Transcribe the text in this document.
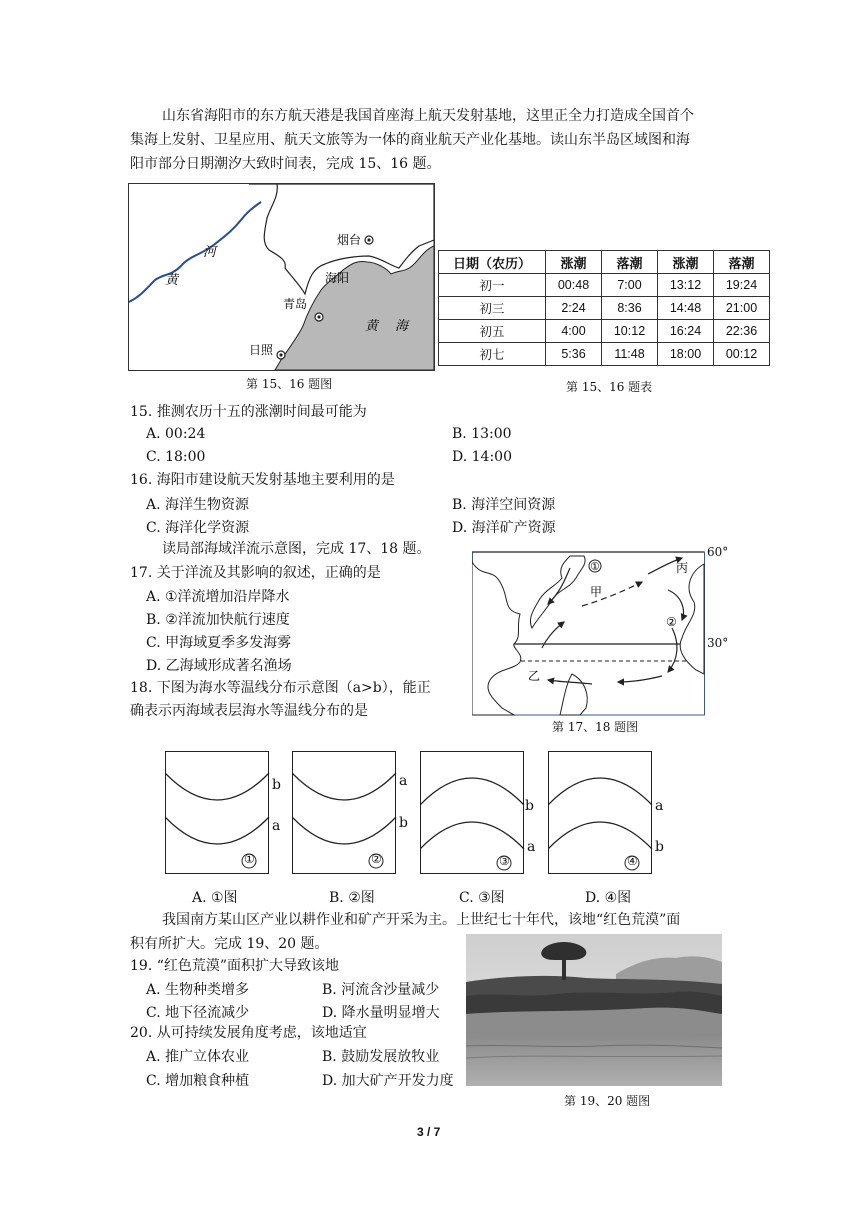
山东省海阳市的东方航天港是我国首座海上航天发射基地，这里正全力打造成全国首个
集海上发射、卫星应用、航天文旅等为一体的商业航天产业化基地。读山东半岛区域图和海
阳市部分日期潮汐大致时间表，完成 15、16 题。
河
黄
烟台
海阳
青岛
日照
黄 海
第 15、16 题图
日期（农历）	涨潮	落潮	涨潮	落潮
初一	00:48	7:00	13:12	19:24
初三	2:24	8:36	14:48	21:00
初五	4:00	10:12	16:24	22:36
初七	5:36	11:48	18:00	00:12
第 15、16 题表
15. 推测农历十五的涨潮时间最可能为
A. 00:24	B. 13:00
C. 18:00	D. 14:00
16. 海阳市建设航天发射基地主要利用的是
A. 海洋生物资源	B. 海洋空间资源
C. 海洋化学资源	D. 海洋矿产资源
读局部海域洋流示意图，完成 17、18 题。
17. 关于洋流及其影响的叙述，正确的是
A. ①洋流增加沿岸降水
B. ②洋流加快航行速度
C. 甲海域夏季多发海雾
D. 乙海域形成著名渔场
18. 下图为海水等温线分布示意图（a>b），能正
确表示丙海域表层海水等温线分布的是
①
甲
丙
②
乙
60°
30°
第 17、18 题图
b
a
①
a
b
②
b
a
③
a
b
④
A. ①图	B. ②图	C. ③图	D. ④图
我国南方某山区产业以耕作业和矿产开采为主。上世纪七十年代，该地“红色荒漠”面
积有所扩大。完成 19、20 题。
19. “红色荒漠”面积扩大导致该地
A. 生物种类增多	B. 河流含沙量减少
C. 地下径流减少	D. 降水量明显增大
20. 从可持续发展角度考虑，该地适宜
A. 推广立体农业	B. 鼓励发展放牧业
C. 增加粮食种植	D. 加大矿产开发力度
第 19、20 题图
3 / 7
